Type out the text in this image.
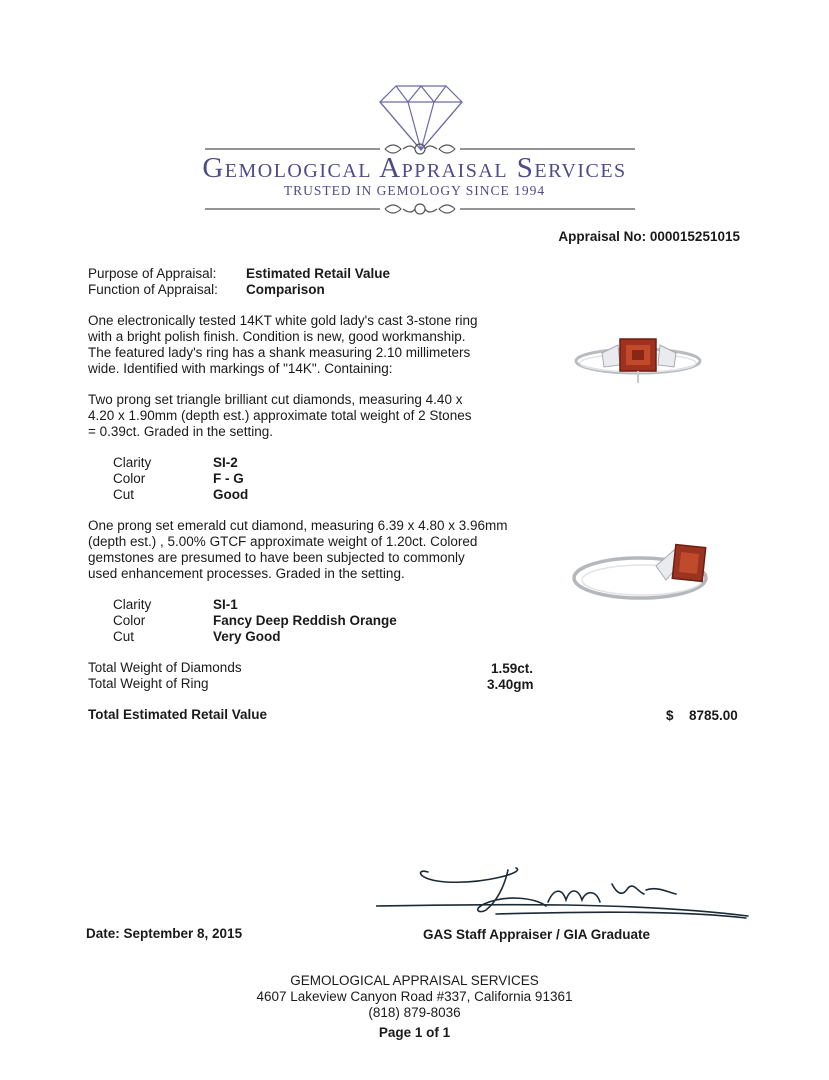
Gemological Appraisal Services
TRUSTED IN GEMOLOGY SINCE 1994
Appraisal No: 000015251015
Purpose of Appraisal: Estimated Retail Value
Function of Appraisal: Comparison
One electronically tested 14KT white gold lady's cast 3-stone ring
with a bright polish finish. Condition is new, good workmanship.
The featured lady's ring has a shank measuring 2.10 millimeters
wide. Identified with markings of "14K". Containing:
Two prong set triangle brilliant cut diamonds, measuring 4.40 x
4.20 x 1.90mm (depth est.) approximate total weight of 2 Stones
= 0.39ct. Graded in the setting.
Clarity	SI-2
Color	F - G
Cut	Good
One prong set emerald cut diamond, measuring 6.39 x 4.80 x 3.96mm
(depth est.) , 5.00% GTCF approximate weight of 1.20ct. Colored
gemstones are presumed to have been subjected to commonly
used enhancement processes. Graded in the setting.
Clarity	SI-1
Color	Fancy Deep Reddish Orange
Cut	Very Good
Total Weight of Diamonds	1.59ct.
Total Weight of Ring	3.40gm
Total Estimated Retail Value	$ 8785.00
Date: September 8, 2015	GAS Staff Appraiser / GIA Graduate
GEMOLOGICAL APPRAISAL SERVICES
4607 Lakeview Canyon Road #337, California 91361
(818) 879-8036
Page 1 of 1
